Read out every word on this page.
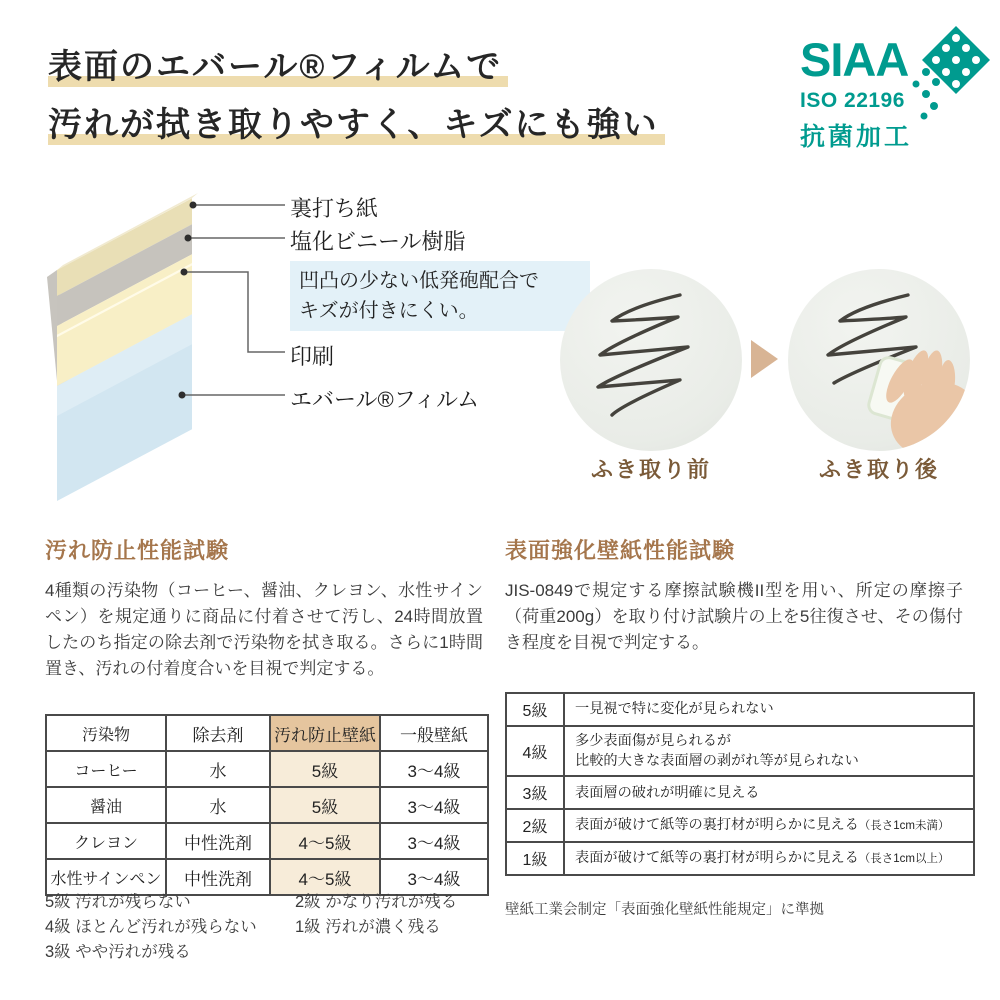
表面のエバール®フィルムで
汚れが拭き取りやすく、キズにも強い
SIAA
ISO 22196
抗菌加工
裏打ち紙
塩化ビニール樹脂
凹凸の少ない低発砲配合で
キズが付きにくい。
印刷
エバール®フィルム
ふき取り前	ふき取り後
汚れ防止性能試験
4種類の汚染物（コーヒー、醤油、クレヨン、水性サインペン）を規定通りに商品に付着させて汚し、24時間放置したのち指定の除去剤で汚染物を拭き取る。さらに1時間置き、汚れの付着度合いを目視で判定する。
汚染物	除去剤	汚れ防止壁紙	一般壁紙
コーヒー	水	5級	3〜4級
醤油	水	5級	3〜4級
クレヨン	中性洗剤	4〜5級	3〜4級
水性サインペン	中性洗剤	4〜5級	3〜4級
5級 汚れが残らない
4級 ほとんど汚れが残らない
3級 やや汚れが残る
2級 かなり汚れが残る
1級 汚れが濃く残る
表面強化壁紙性能試験
JIS-0849で規定する摩擦試験機II型を用い、所定の摩擦子（荷重200g）を取り付け試験片の上を5往復させ、その傷付き程度を目視で判定する。
5級	一見視で特に変化が見られない
4級	多少表面傷が見られるが
比較的大きな表面層の剥がれ等が見られない
3級	表面層の破れが明確に見える
2級	表面が破けて紙等の裏打材が明らかに見える（長さ1cm未満）
1級	表面が破けて紙等の裏打材が明らかに見える（長さ1cm以上）
壁紙工業会制定「表面強化壁紙性能規定」に準拠
